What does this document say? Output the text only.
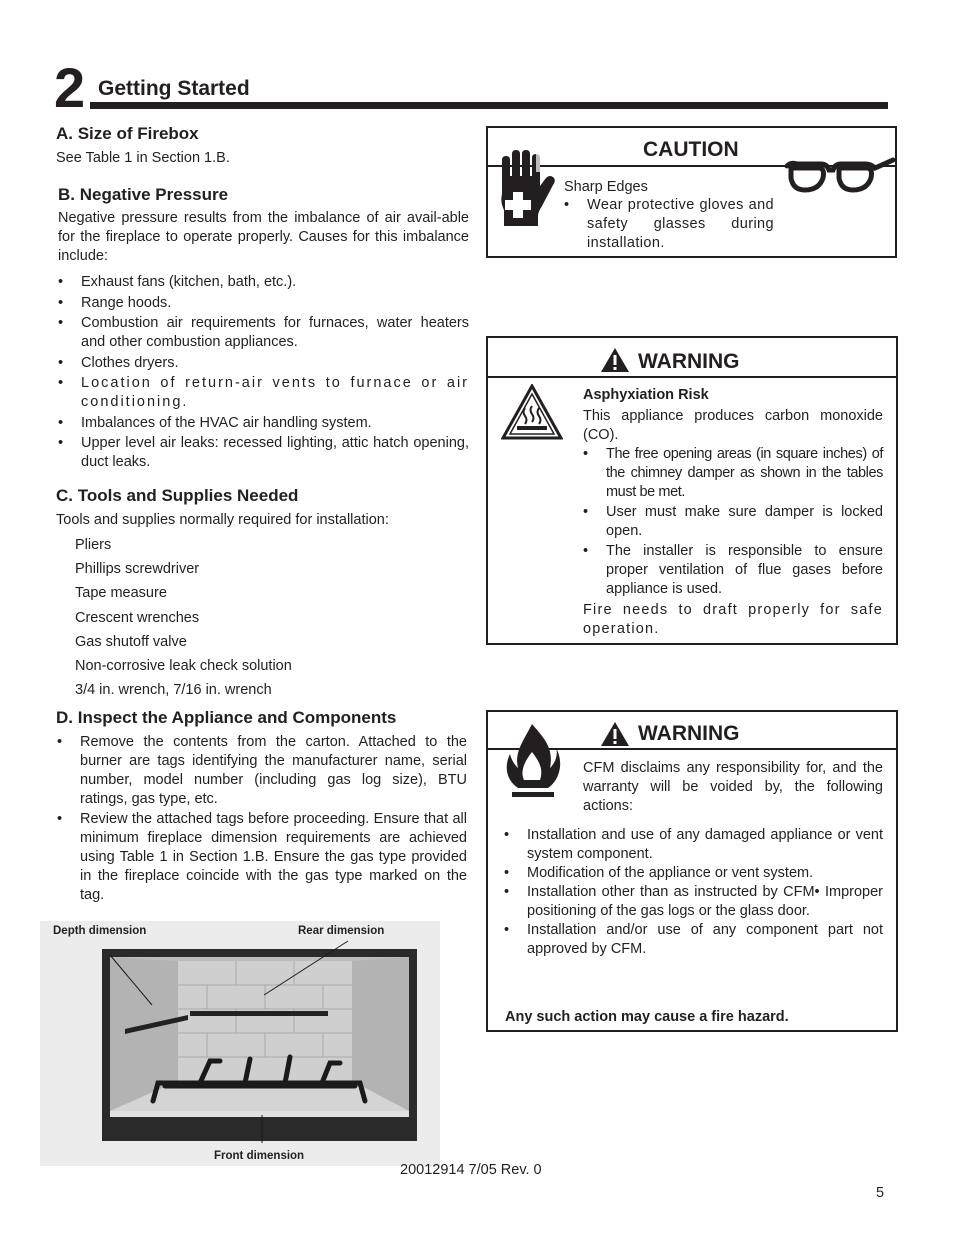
2 Getting Started
A. Size of Firebox
See Table 1 in Section 1.B.
B. Negative Pressure
Negative pressure results from the imbalance of air avail-able for the fireplace to operate properly. Causes for this imbalance include:
• Exhaust fans (kitchen, bath, etc.).
• Range hoods.
• Combustion air requirements for furnaces, water heaters and other combustion appliances.
• Clothes dryers.
• Location of return-air vents to furnace or air conditioning.
• Imbalances of the HVAC air handling system.
• Upper level air leaks: recessed lighting, attic hatch opening, duct leaks.
C. Tools and Supplies Needed
Tools and supplies normally required for installation:
Pliers
Phillips screwdriver
Tape measure
Crescent wrenches
Gas shutoff valve
Non-corrosive leak check solution
3/4 in. wrench, 7/16 in. wrench
D. Inspect the Appliance and Components
• Remove the contents from the carton. Attached to the burner are tags identifying the manufacturer name, serial number, model number (including gas log size), BTU ratings, gas type, etc.
• Review the attached tags before proceeding. Ensure that all minimum fireplace dimension requirements are achieved using Table 1 in Section 1.B. Ensure the gas type provided in the fireplace coincide with the gas type marked on the tag.
Depth dimension	Rear dimension
Front dimension
CAUTION
Sharp Edges
• Wear protective gloves and safety glasses during installation.
WARNING
Asphyxiation Risk
This appliance produces carbon monoxide (CO).
• The free opening areas (in square inches) of the chimney damper as shown in the tables must be met.
• User must make sure damper is locked open.
• The installer is responsible to ensure proper ventilation of flue gases before appliance is used.
Fire needs to draft properly for safe operation.
WARNING
CFM disclaims any responsibility for, and the warranty will be voided by, the following actions:
• Installation and use of any damaged appliance or vent system component.
• Modification of the appliance or vent system.
• Installation other than as instructed by CFM• Improper positioning of the gas logs or the glass door.
• Installation and/or use of any component part not approved by CFM.
Any such action may cause a fire hazard.
20012914 7/05 Rev. 0
5
